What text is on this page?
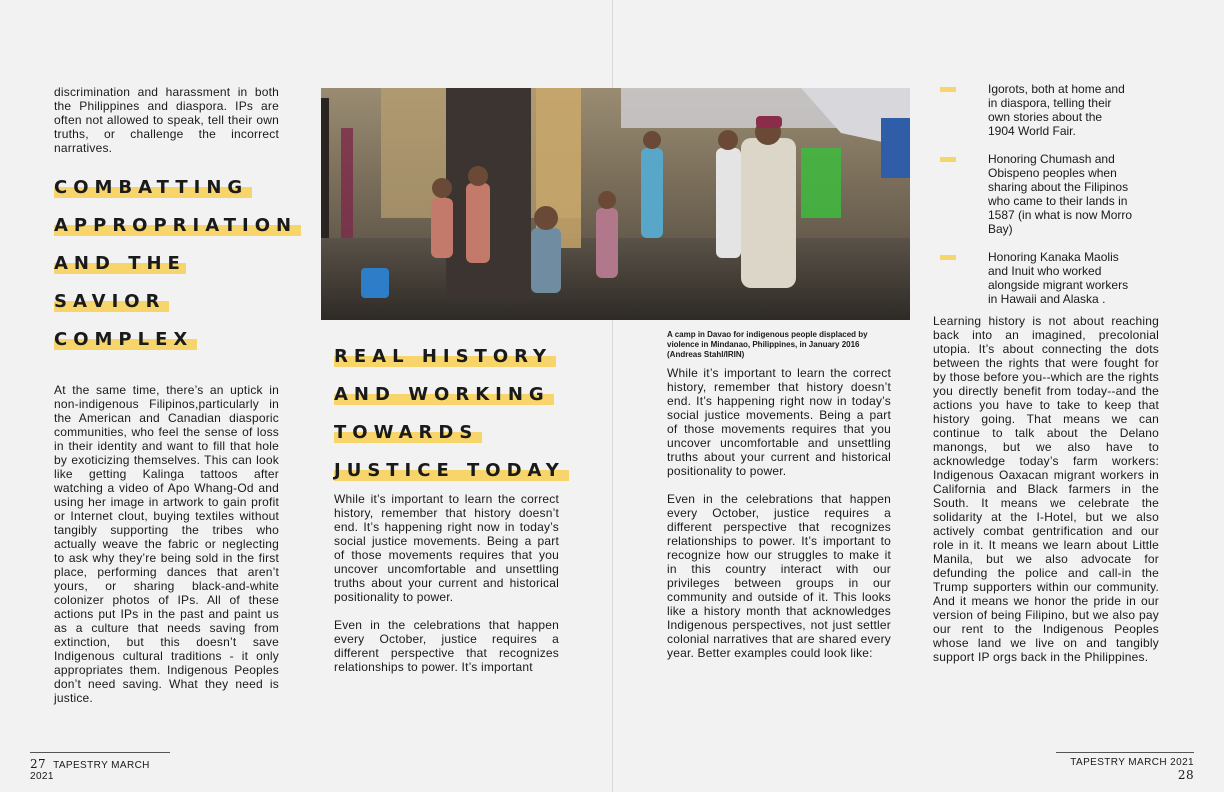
discrimination and harassment in both the Philippines and diaspora. IPs are often not allowed to speak, tell their own truths, or challenge the incorrect narratives.

COMBATTING
APPROPRIATION
AND THE SAVIOR
COMPLEX

At the same time, there’s an uptick in non-indigenous Filipinos,particularly in the American and Canadian diasporic communities, who feel the sense of loss in their identity and want to fill that hole by exoticizing themselves. This can look like getting Kalinga tattoos after watching a video of Apo Whang-Od and using her image in artwork to gain profit or Internet clout, buying textiles without tangibly supporting the tribes who actually weave the fabric or neglecting to ask why they’re being sold in the first place, performing dances that aren’t yours, or sharing black-and-white colonizer photos of IPs. All of these actions put IPs in the past and paint us as a culture that needs saving from extinction, but this doesn’t save Indigenous cultural traditions - it only appropriates them. Indigenous Peoples don’t need saving. What they need is justice.

REAL HISTORY
AND WORKING
TOWARDS
JUSTICE TODAY

While it’s important to learn the correct history, remember that history doesn’t end. It’s happening right now in today’s social justice movements. Being a part of those movements requires that you uncover uncomfortable and unsettling truths about your current and historical positionality to power.

Even in the celebrations that happen every October, justice requires a different perspective that recognizes relationships to power. It’s important

A camp in Davao for indigenous people displaced by violence in Mindanao, Philippines, in January 2016 (Andreas Stahl/IRIN)

While it’s important to learn the correct history, remember that history doesn’t end. It’s happening right now in today’s social justice movements. Being a part of those movements requires that you uncover uncomfortable and unsettling truths about your current and historical positionality to power.

Even in the celebrations that happen every October, justice requires a different perspective that recognizes relationships to power. It’s important to recognize how our struggles to make it in this country interact with our privileges between groups in our community and outside of it. This looks like a history month that acknowledges Indigenous perspectives, not just settler colonial narratives that are shared every year. Better examples could look like:

Igorots, both at home and
in diaspora, telling their
own stories about the
1904 World Fair.
Honoring Chumash and
Obispeno peoples when
sharing about the Filipinos
who came to their lands in
1587 (in what is now Morro
Bay)
Honoring Kanaka Maolis
and Inuit who worked
alongside migrant workers
in Hawaii and Alaska .

Learning history is not about reaching back into an imagined, precolonial utopia. It’s about connecting the dots between the rights that were fought for by those before you--which are the rights you directly benefit from today--and the actions you have to take to keep that history going. That means we can continue to talk about the Delano manongs, but we also have to acknowledge today’s farm workers: Indigenous Oaxacan migrant workers in California and Black farmers in the South. It means we celebrate the solidarity at the I-Hotel, but we also actively combat gentrification and our role in it. It means we learn about Little Manila, but we also advocate for defunding the police and call-in the Trump supporters within our community. And it means we honor the pride in our version of being Filipino, but we also pay our rent to the Indigenous Peoples whose land we live on and tangibly support IP orgs back in the Philippines.

27 TAPESTRY MARCH 2021
TAPESTRY MARCH 2021 28
